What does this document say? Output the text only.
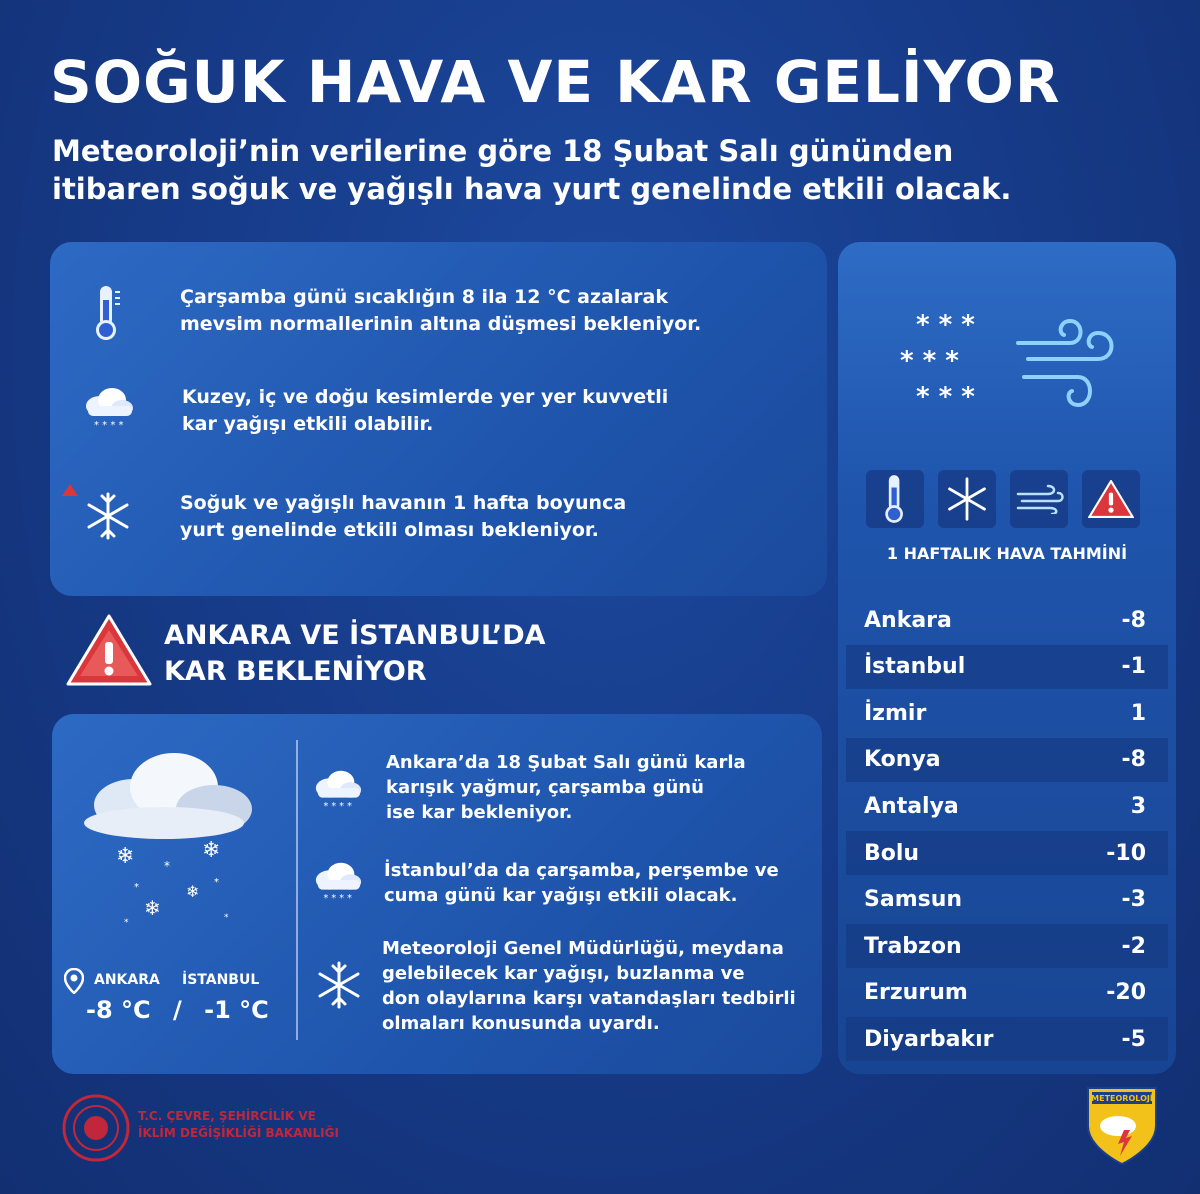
SOĞUK HAVA VE KAR GELİYOR
Meteoroloji’nin verilerine göre 18 Şubat Salı gününden
itibaren soğuk ve yağışlı hava yurt genelinde etkili olacak.
Çarşamba günü sıcaklığın 8 ila 12 °C azalarak
mevsim normallerinin altına düşmesi bekleniyor.
* * * *
Kuzey, iç ve doğu kesimlerde yer yer kuvvetli
kar yağışı etkili olabilir.
Soğuk ve yağışlı havanın 1 hafta boyunca
yurt genelinde etkili olması bekleniyor.
ANKARA VE İSTANBUL’DA
KAR BEKLENİYOR
❄	❄
❄
❄
*
*	*
*	*
ANKARA İSTANBUL
-8 °C / -1 °C
* * * *
Ankara’da 18 Şubat Salı günü karla
karışık yağmur, çarşamba günü
ise kar bekleniyor.
* * * *
İstanbul’da da çarşamba, perşembe ve
cuma günü kar yağışı etkili olacak.
Meteoroloji Genel Müdürlüğü, meydana
gelebilecek kar yağışı, buzlanma ve
don olaylarına karşı vatandaşları tedbirli
olmaları konusunda uyardı.
* * *
* * *
* * *
1 HAFTALIK HAVA TAHMİNİ
Ankara	-8
İstanbul	-1
İzmir	1
Konya	-8
Antalya	3
Bolu	-10
Samsun	-3
Trabzon	-2
Erzurum	-20
Diyarbakır	-5
T.C. ÇEVRE, ŞEHİRCİLİK VE
İKLİM DEĞİŞİKLİĞİ BAKANLIĞI
METEOROLOJİ
